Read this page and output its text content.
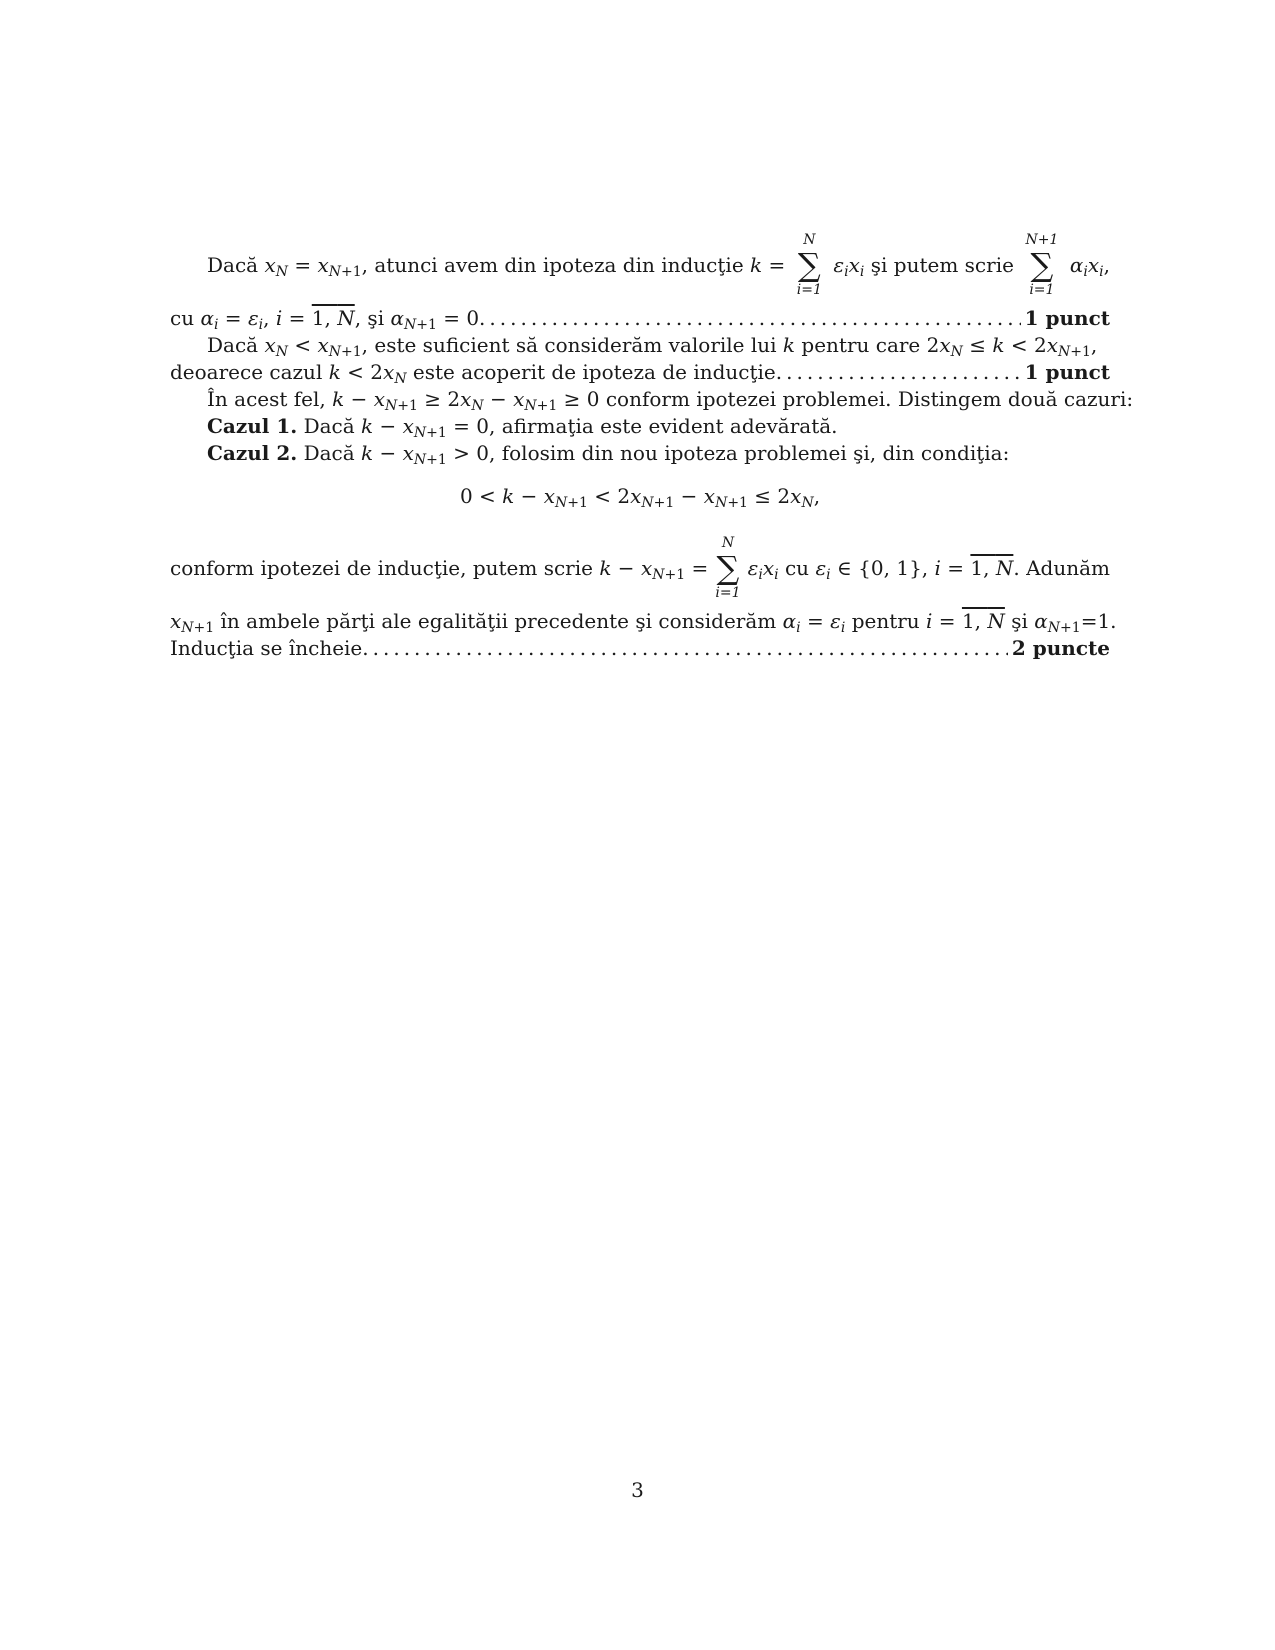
Dacă $x_N = x_{N+1}$, atunci avem din ipoteza din inducţie k =
N
∑
i=1
$\varepsilon_ix_i$ şi putem scrie
N+1
∑
i=1
$\alpha_ix_i$,
cu $\alpha_i = \varepsilon_i$, i = 1, N, şi $\alpha_{N+1} = 0$. .....	1 punct
Dacă $x_N < x_{N+1}$, este suficient să considerăm valorile lui k pentru care $2x_N \le k < 2x_{N+1}$,
deoarece cazul $k < 2x_N$ este acoperit de ipoteza de inducţie. .....	1 punct
În acest fel, $k - x_{N+1} \ge 2x_N - x_{N+1} \ge 0$ conform ipotezei problemei. Distingem două cazuri:
Cazul 1. Dacă $k - x_{N+1} = 0$, afirmaţia este evident adevărată.
Cazul 2. Dacă $k - x_{N+1} > 0$, folosim din nou ipoteza problemei şi, din condiţia:
$0 < k - x_{N+1} < 2x_{N+1} - x_{N+1} \le 2x_N$,
conform ipotezei de inducţie, putem scrie $k - x_{N+1}$ =
N
∑
i=1
$\varepsilon_ix_i$ cu $\varepsilon_i$ ∈ {0, 1}, i = 1, N. Adunăm
$x_{N+1}$ în ambele părţi ale egalităţii precedente şi considerăm $\alpha_i = \varepsilon_i$ pentru i = 1, N şi $\alpha_{N+1}=1$.
Inducţia se încheie. .....	2 puncte
3
